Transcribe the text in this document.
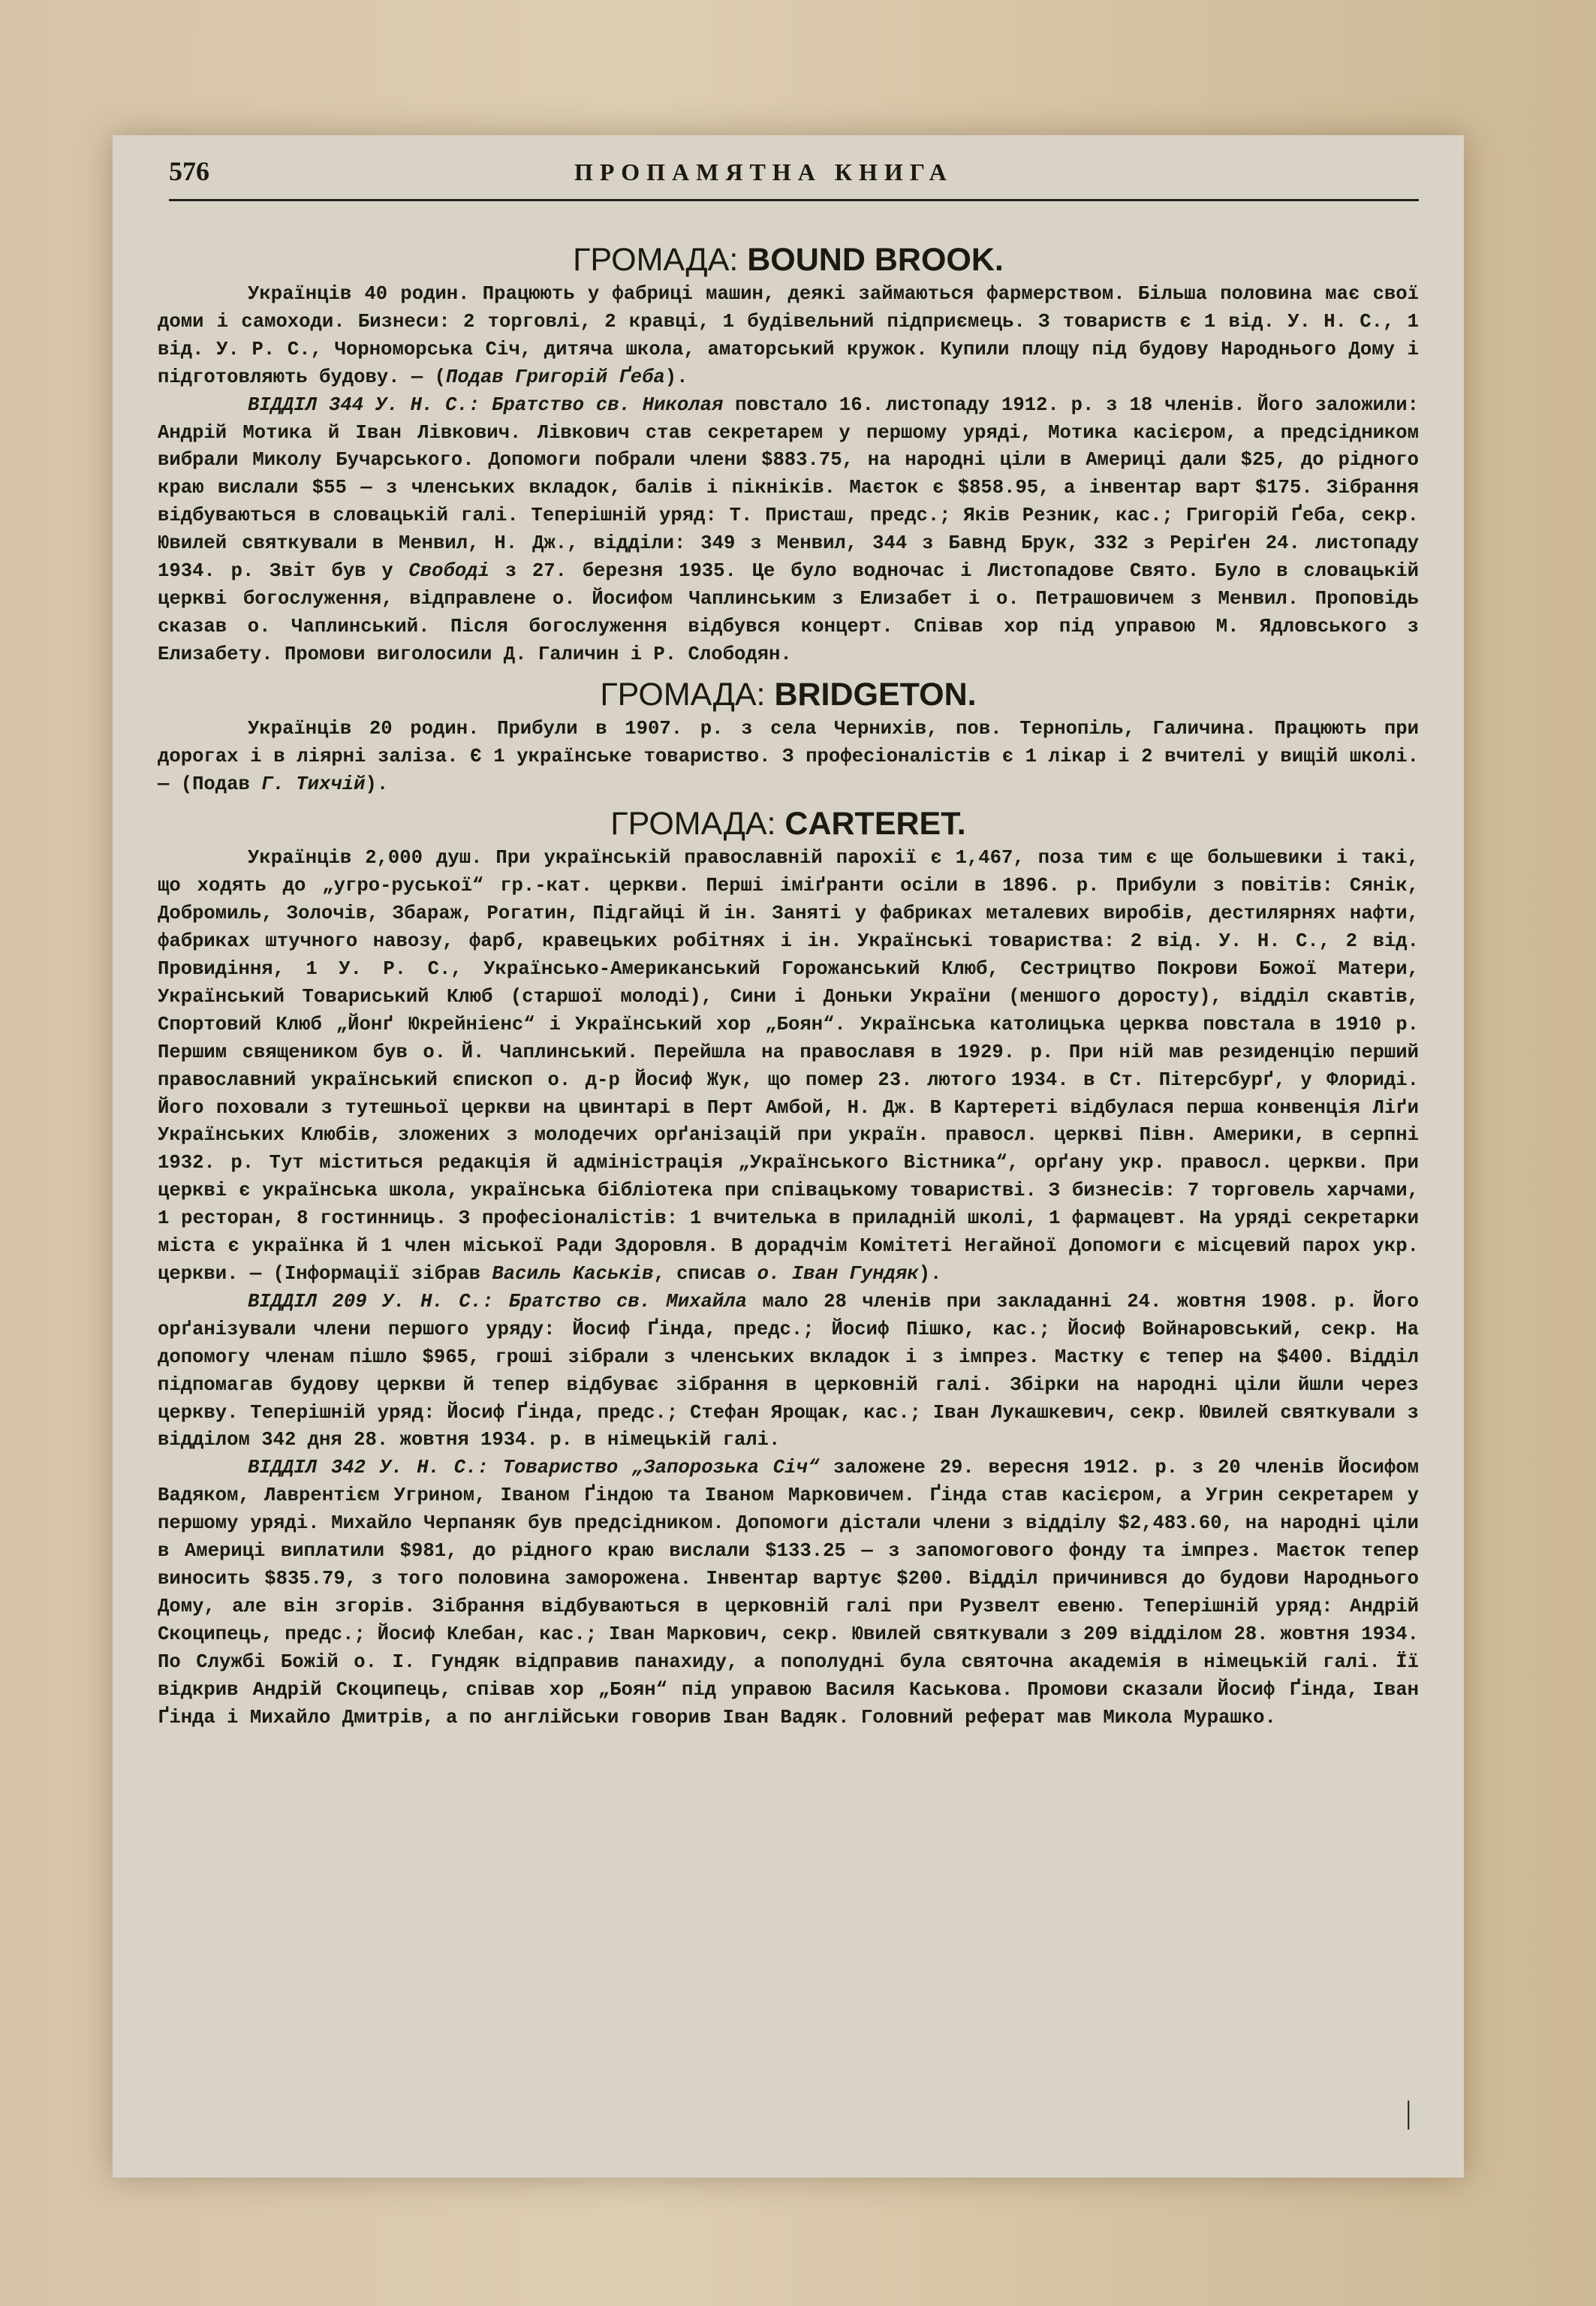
576	ПРОПАМЯТНА КНИГА
ГРОМАДА: BOUND BROOK.

Українців 40 родин. Працюють у фабриці машин, деякі займаються фармерством. Більша половина має свої доми і самоходи. Бизнеси: 2 торговлі, 2 кравці, 1 будівельний підприємець. З товариств є 1 від. У. Н. С., 1 від. У. Р. С., Чорноморська Січ, дитяча школа, аматорський кружок. Купили площу під будову Народнього Дому і підготовляють будову. — (Подав Григорій Ґеба).

ВІДДІЛ 344 У. Н. С.: Братство св. Николая повстало 16. листопаду 1912. р. з 18 членів. Його заложили: Андрій Мотика й Іван Лівкович. Лівкович став секретарем у першому уряді, Мотика касієром, а предсідником вибрали Миколу Бучарського. Допомоги побрали члени $883.75, на народні ціли в Америці дали $25, до рідного краю вислали $55 — з членських вкладок, балів і пікніків. Маєток є $858.95, а інвентар варт $175. Зібрання відбуваються в словацькій галі. Теперішній уряд: Т. Присташ, предс.; Яків Резник, кас.; Григорій Ґеба, секр. Ювилей святкували в Менвил, Н. Дж., відділи: 349 з Менвил, 344 з Бавнд Брук, 332 з Реріґен 24. листопаду 1934. р. Звіт був у Свободі з 27. березня 1935. Це було водночас і Листопадове Свято. Було в словацькій церкві богослуження, відправлене о. Йосифом Чаплинським з Елизабет і о. Петрашовичем з Менвил. Проповідь сказав о. Чаплинський. Після богослуження відбувся концерт. Співав хор під управою М. Ядловського з Елизабету. Промови виголосили Д. Галичин і Р. Слободян.

ГРОМАДА: BRIDGETON.

Українців 20 родин. Прибули в 1907. р. з села Черниxів, пов. Тернопіль, Галичина. Працюють при дорогах і в ліярні заліза. Є 1 українське товариство. З професіоналістів є 1 лікар і 2 вчителі у вищій школі. — (Подав Г. Тихчій).

ГРОМАДА: CARTERET.

Українців 2,000 душ. При українській православній парохії є 1,467, поза тим є ще большевики і такі, що ходять до „угро-руської“ гр.-кат. церкви. Перші іміґранти осіли в 1896. р. Прибули з повітів: Сянік, Добромиль, Золочів, Збараж, Рогатин, Підгайці й ін. Заняті у фабриках металевих виробів, дестилярнях нафти, фабриках штучного навозу, фарб, кравецьких робітнях і ін. Українські товариства: 2 від. У. Н. С., 2 від. Провидіння, 1 У. Р. С., Українсько-Американський Горожанський Клюб, Сестрицтво Покрови Божої Матери, Український Товариський Клюб (старшої молоді), Сини і Доньки України (меншого доросту), відділ скавтів, Спортовий Клюб „Йонґ Юкрейніенс“ і Український хор „Боян“. Українська католицька церква повстала в 1910 р. Першим священиком був о. Й. Чаплинський. Перейшла на православя в 1929. р. При ній мав резиденцію перший православний український єпископ о. д-р Йосиф Жук, що помер 23. лютого 1934. в Ст. Пітерсбурґ, у Флориді. Його поховали з тутешньої церкви на цвинтарі в Перт Амбой, Н. Дж. В Картереті відбулася перша конвенція Ліґи Українських Клюбів, зложених з молодечих орґанізацій при україн. правосл. церкві Півн. Америки, в серпні 1932. р. Тут міститься редакція й адміністрація „Українського Вістника“, орґану укр. правосл. церкви. При церкві є українська школа, українська бібліотека при співацькому товаристві. З бизнесів: 7 торговель харчами, 1 ресторан, 8 гостинниць. З професіоналістів: 1 вчителька в приладній школі, 1 фармацевт. На уряді секретарки міста є українка й 1 член міської Ради Здоровля. В дорадчім Комітеті Негайної Допомоги є місцевий парох укр. церкви. — (Інформації зібрав Василь Каськів, списав о. Іван Гундяк).

ВІДДІЛ 209 У. Н. С.: Братство св. Михайла мало 28 членів при закладанні 24. жовтня 1908. р. Його орґанізували члени першого уряду: Йосиф Ґінда, предс.; Йосиф Пішко, кас.; Йосиф Войнаровський, секр. На допомогу членам пішло $965, гроші зібрали з членських вкладок і з імпрез. Мастку є тепер на $400. Відділ підпомагав будову церкви й тепер відбуває зібрання в церковній галі. Збірки на народні ціли йшли через церкву. Теперішній уряд: Йосиф Ґінда, предс.; Стефан Ярощак, кас.; Іван Лукашкевич, секр. Ювилей святкували з відділом 342 дня 28. жовтня 1934. р. в німецькій галі.

ВІДДІЛ 342 У. Н. С.: Товариство „Запорозька Січ“ заложене 29. вересня 1912. р. з 20 членів Йосифом Вадяком, Лаврентієм Угрином, Іваном Ґіндою та Іваном Марковичем. Ґінда став касієром, а Угрин секретарем у першому уряді. Михайло Черпаняк був предсідником. Допомоги дістали члени з відділу $2,483.60, на народні ціли в Америці виплатили $981, до рідного краю вислали $133.25 — з запомогового фонду та імпрез. Маєток тепер виносить $835.79, з того половина заморожена. Інвентар вартує $200. Відділ причинився до будови Народнього Дому, але він згорів. Зібрання відбуваються в церковній галі при Рузвелт евеню. Теперішній уряд: Андрій Скоципець, предс.; Йосиф Клебан, кас.; Іван Маркович, секр. Ювилей святкували з 209 відділом 28. жовтня 1934. По Службі Божій о. І. Гундяк відправив панахиду, а пополудні була святочна академія в німецькій галі. Її відкрив Андрій Скоципець, співав хор „Боян“ під управою Василя Каськова. Промови сказали Йосиф Ґінда, Іван Ґінда і Михайло Дмитрів, а по англійськи говорив Іван Вадяк. Головний реферат мав Микола Мурашко.

|
